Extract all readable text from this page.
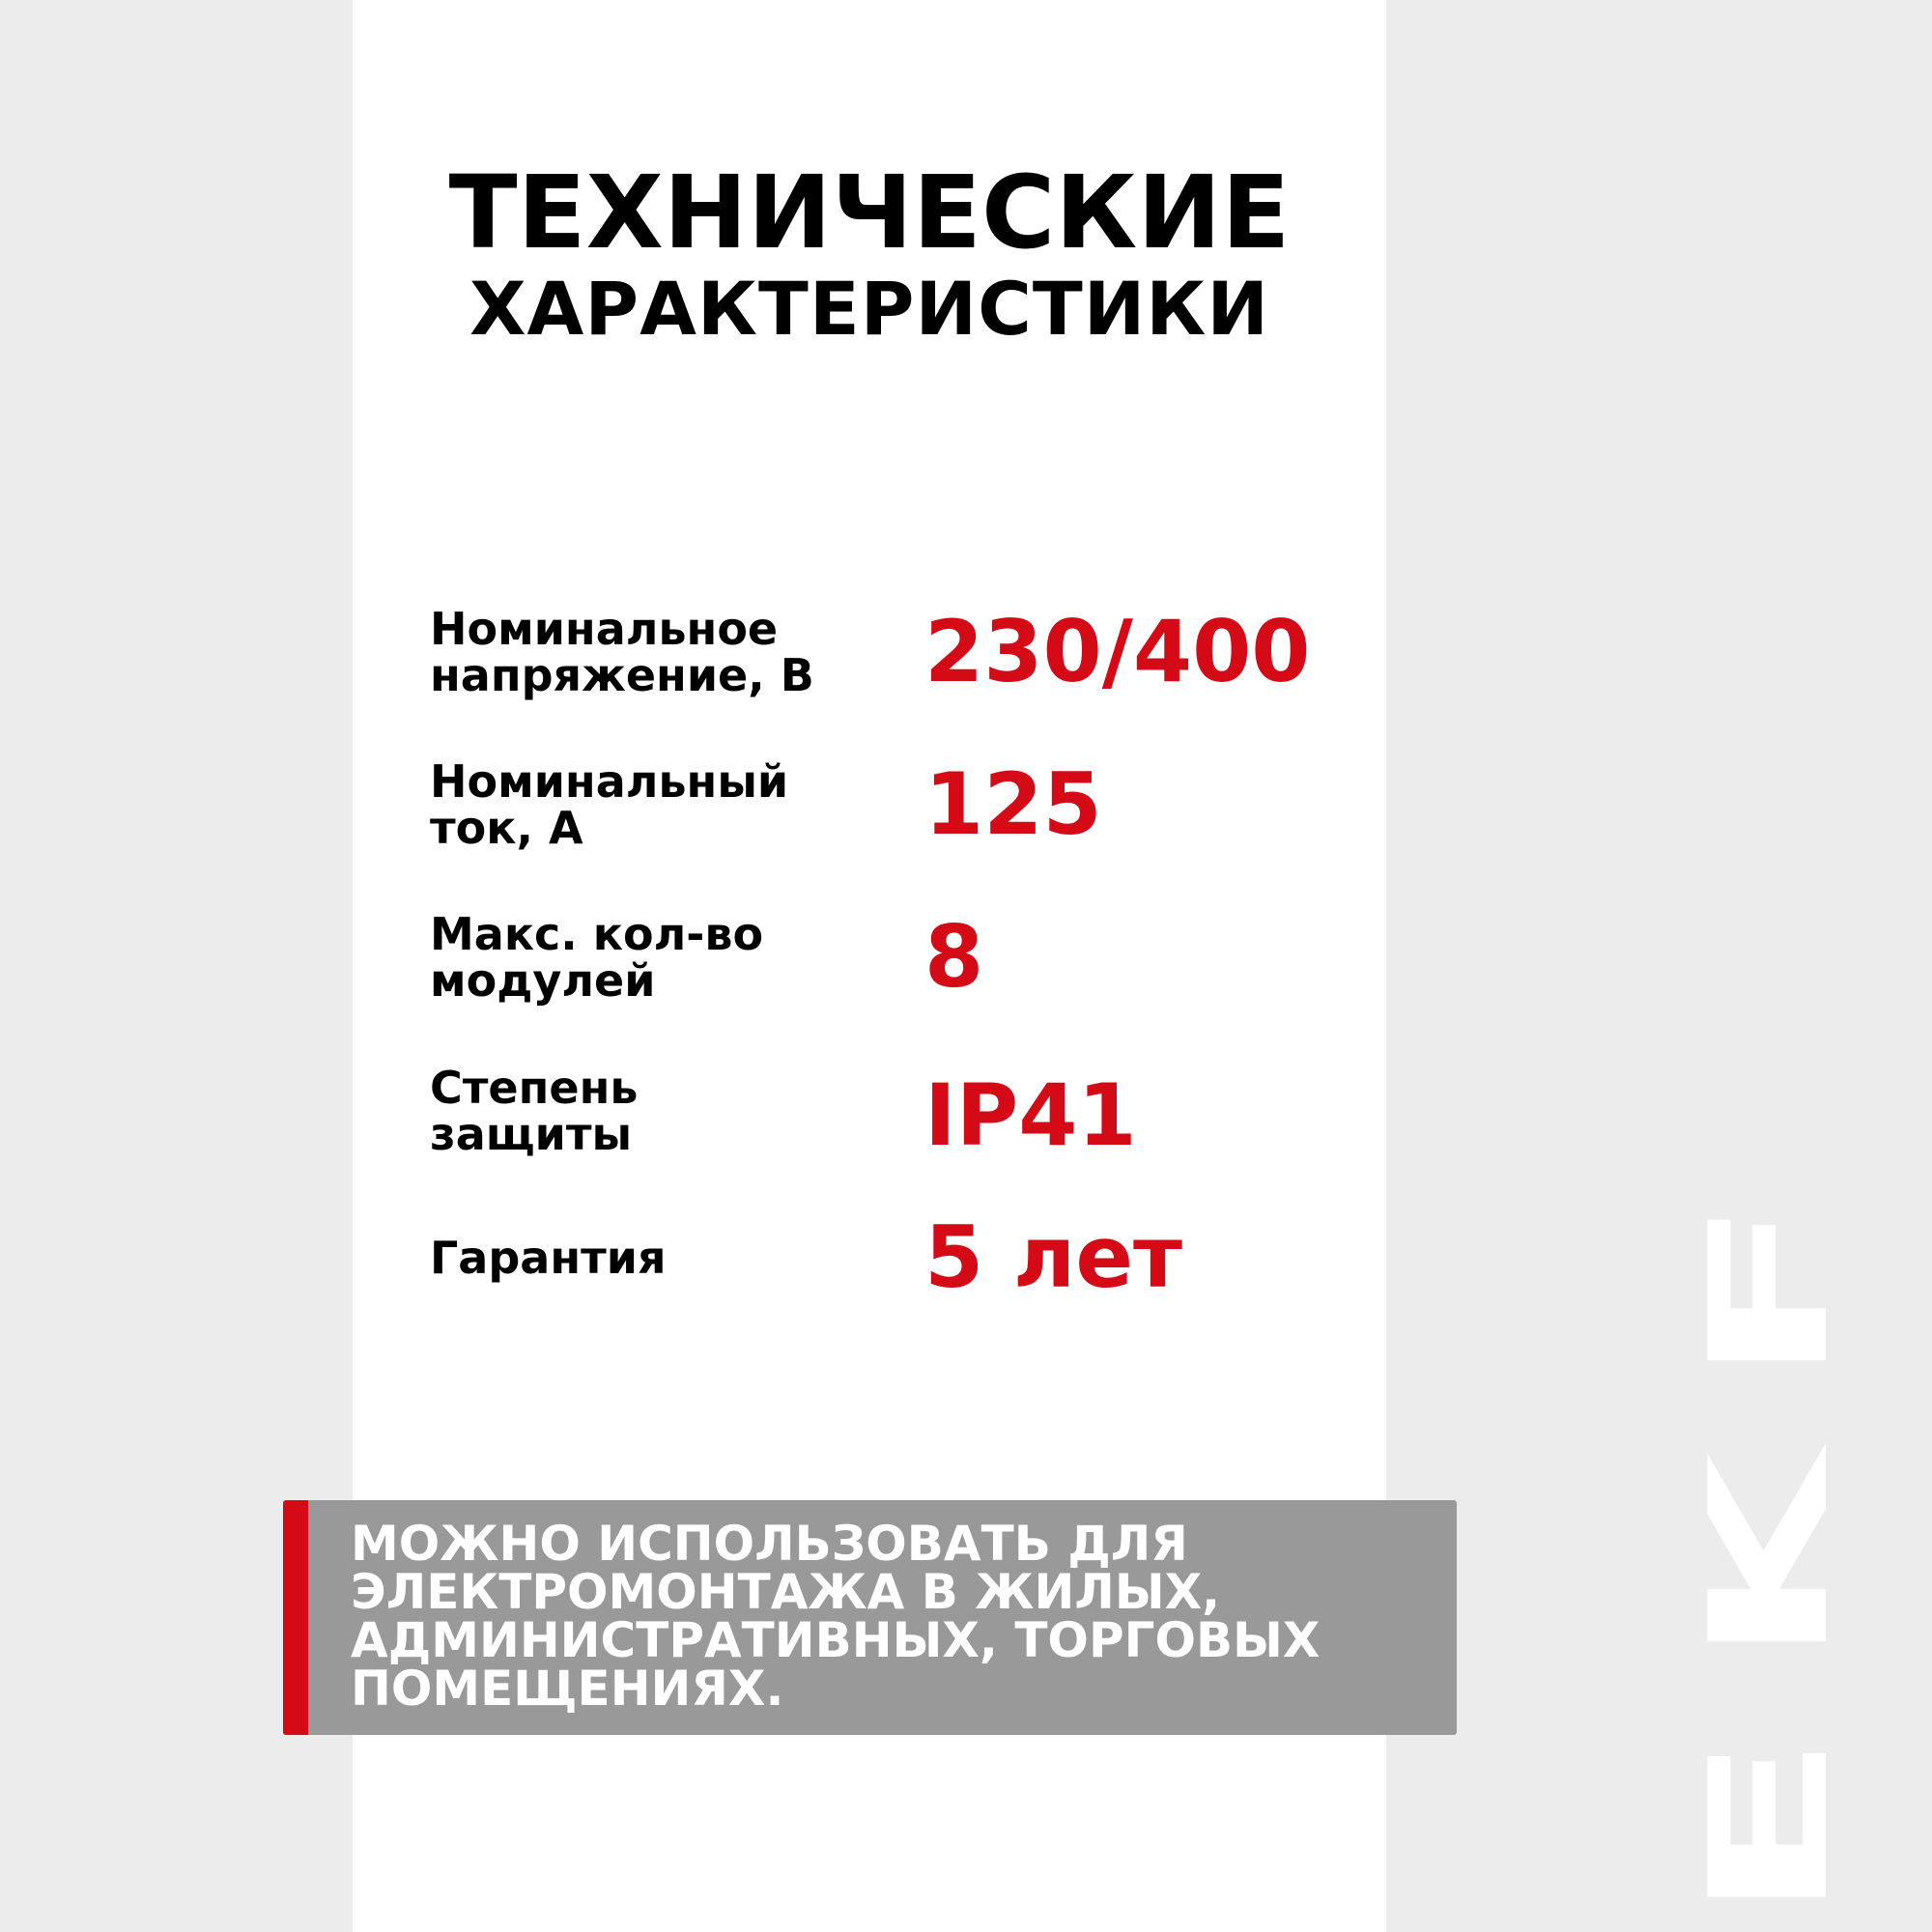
ТЕХНИЧЕСКИЕ
ХАРАКТЕРИСТИКИ
Номинальное
напряжение, В	230/400
Номинальный
ток, А	125
Макс. кол-во
модулей	8
Степень
защиты	IP41
Гарантия	5 лет
МОЖНО ИСПОЛЬЗОВАТЬ ДЛЯ
ЭЛЕКТРОМОНТАЖА В ЖИЛЫХ,
АДМИНИСТРАТИВНЫХ, ТОРГОВЫХ
ПОМЕЩЕНИЯХ.	EKF
